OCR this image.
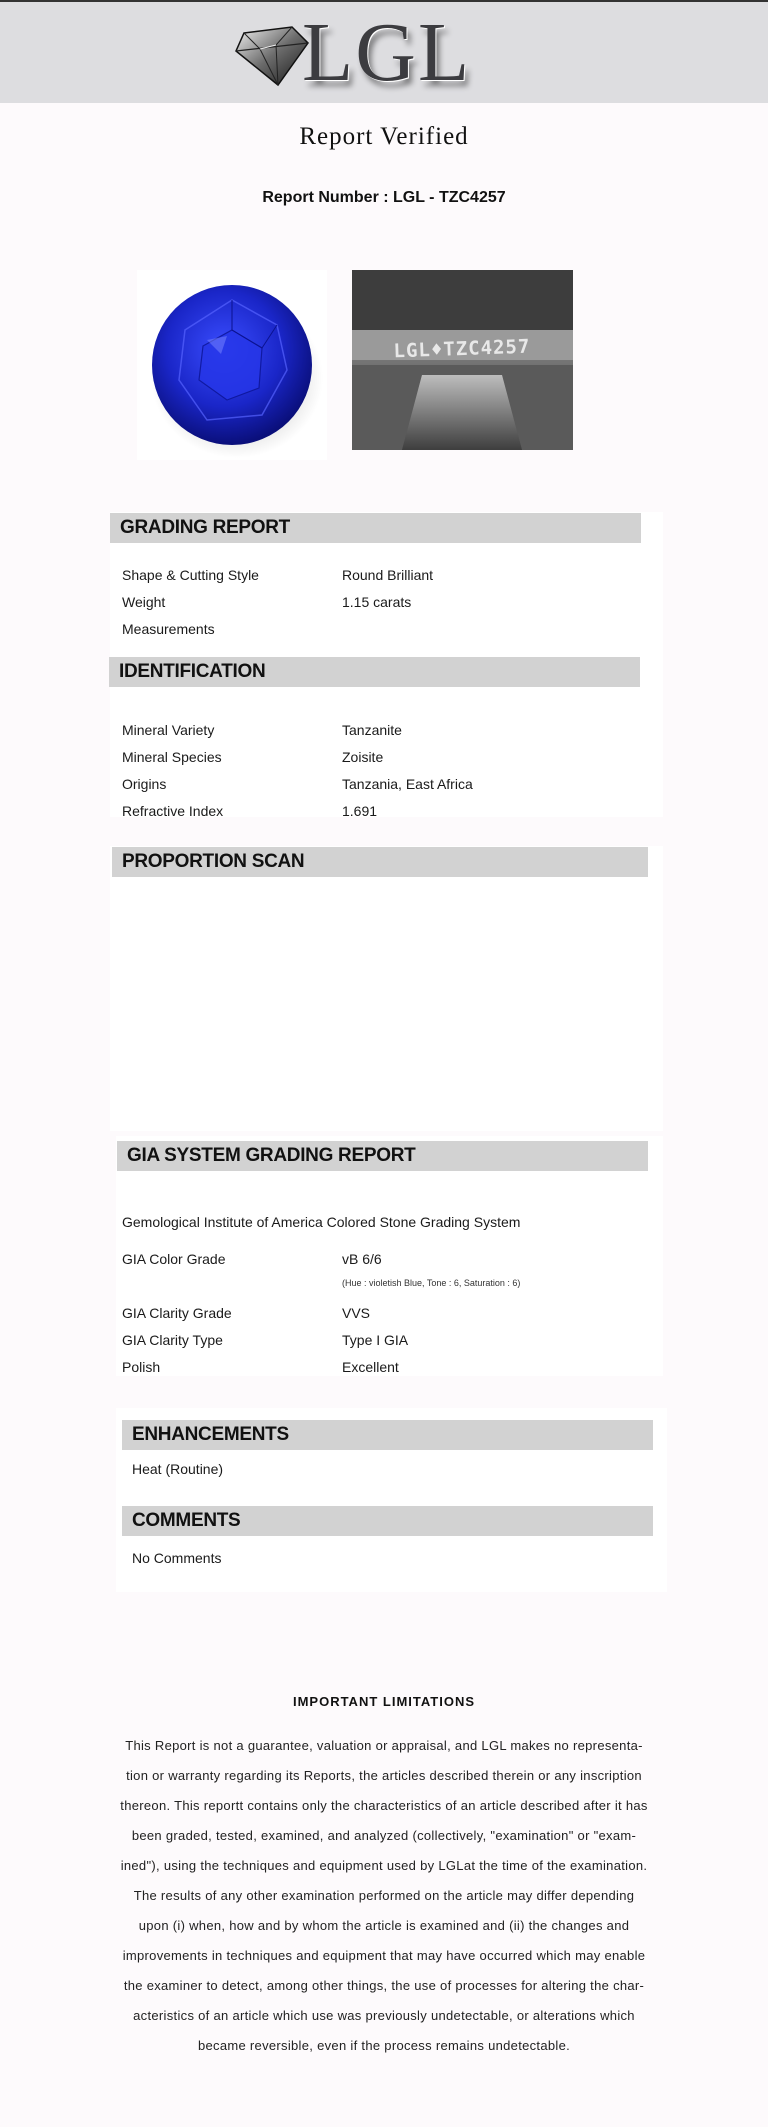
LGL
Report Verified
Report Number : LGL - TZC4257
LGL♦TZC4257
GRADING REPORT
Shape & Cutting Style	Round Brilliant
Weight	1.15 carats
Measurements
IDENTIFICATION
Mineral Variety	Tanzanite
Mineral Species	Zoisite
Origins	Tanzania, East Africa
Refractive Index	1.691
PROPORTION SCAN
GIA SYSTEM GRADING REPORT
Gemological Institute of America Colored Stone Grading System
GIA Color Grade	vB 6/6
(Hue : violetish Blue, Tone : 6, Saturation : 6)
GIA Clarity Grade	VVS
GIA Clarity Type	Type I GIA
Polish	Excellent
ENHANCEMENTS
Heat (Routine)
COMMENTS
No Comments
IMPORTANT LIMITATIONS
This Report is not a guarantee, valuation or appraisal, and LGL makes no representa-
tion or warranty regarding its Reports, the articles described therein or any inscription
thereon. This reportt contains only the characteristics of an article described after it has
been graded, tested, examined, and analyzed (collectively, "examination" or "exam-
ined"), using the techniques and equipment used by LGLat the time of the examination.
The results of any other examination performed on the article may differ depending
upon (i) when, how and by whom the article is examined and (ii) the changes and
improvements in techniques and equipment that may have occurred which may enable
the examiner to detect, among other things, the use of processes for altering the char-
acteristics of an article which use was previously undetectable, or alterations which
became reversible, even if the process remains undetectable.
